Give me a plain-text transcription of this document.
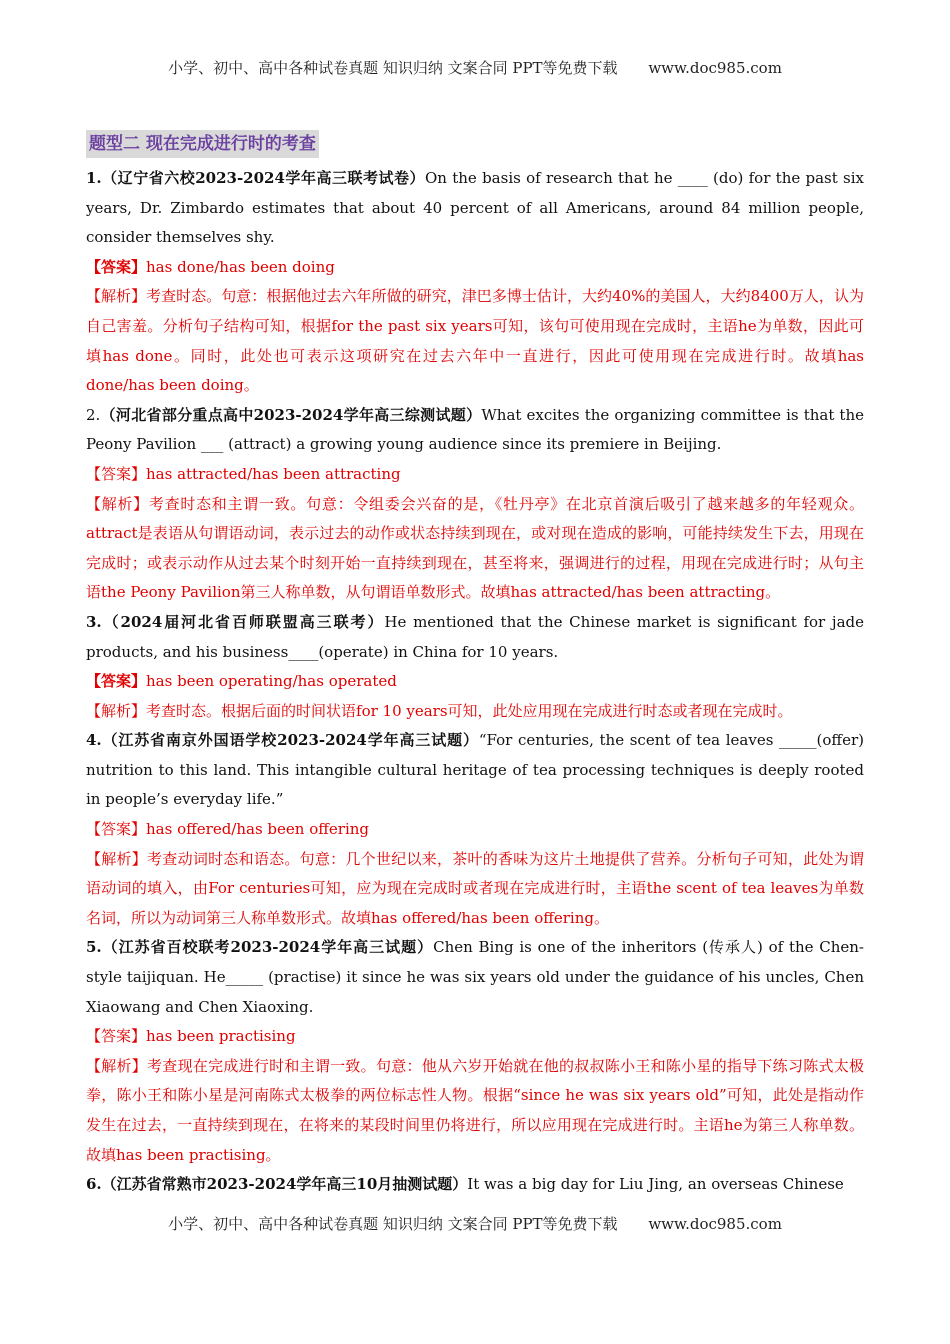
小学、初中、高中各种试卷真题 知识归纳 文案合同 PPT等免费下载 www.doc985.com
题型二 现在完成进行时的考查

1.（辽宁省六校2023-2024学年高三联考试卷）On the basis of research that he ____ (do) for the past six years, Dr. Zimbardo estimates that about 40 percent of all Americans, around 84 million people, consider themselves shy.

【答案】has done/has been doing

【解析】考查时态。句意：根据他过去六年所做的研究，津巴多博士估计，大约40%的美国人，大约8400万人，认为自己害羞。分析句子结构可知，根据for the past six years可知，该句可使用现在完成时，主语he为单数，因此可填has done。同时，此处也可表示这项研究在过去六年中一直进行，因此可使用现在完成进行时。故填has done/has been doing。

2.（河北省部分重点高中2023-2024学年高三综测试题）What excites the organizing committee is that the Peony Pavilion ___ (attract) a growing young audience since its premiere in Beijing.

【答案】has attracted/has been attracting

【解析】考查时态和主谓一致。句意：令组委会兴奋的是，《牡丹亭》在北京首演后吸引了越来越多的年轻观众。attract是表语从句谓语动词，表示过去的动作或状态持续到现在，或对现在造成的影响，可能持续发生下去，用现在完成时；或表示动作从过去某个时刻开始一直持续到现在，甚至将来，强调进行的过程，用现在完成进行时；从句主语the Peony Pavilion第三人称单数，从句谓语单数形式。故填has attracted/has been attracting。

3.（2024届河北省百师联盟高三联考）He mentioned that the Chinese market is significant for jade products, and his business____(operate) in China for 10 years.

【答案】has been operating/has operated

【解析】考查时态。根据后面的时间状语for 10 years可知，此处应用现在完成进行时态或者现在完成时。

4.（江苏省南京外国语学校2023-2024学年高三试题）“For centuries, the scent of tea leaves _____(offer) nutrition to this land. This intangible cultural heritage of tea processing techniques is deeply rooted in people’s everyday life.”

【答案】has offered/has been offering

【解析】考查动词时态和语态。句意：几个世纪以来，茶叶的香味为这片土地提供了营养。分析句子可知，此处为谓语动词的填入，由For centuries可知，应为现在完成时或者现在完成进行时，主语the scent of tea leaves为单数名词，所以为动词第三人称单数形式。故填has offered/has been offering。

5.（江苏省百校联考2023-2024学年高三试题）Chen Bing is one of the inheritors (传承人) of the Chen-style taijiquan. He_____ (practise) it since he was six years old under the guidance of his uncles, Chen Xiaowang and Chen Xiaoxing.

【答案】has been practising

【解析】考查现在完成进行时和主谓一致。句意：他从六岁开始就在他的叔叔陈小王和陈小星的指导下练习陈式太极拳，陈小王和陈小星是河南陈式太极拳的两位标志性人物。根据“since he was six years old”可知，此处是指动作发生在过去，一直持续到现在，在将来的某段时间里仍将进行，所以应用现在完成进行时。主语he为第三人称单数。故填has been practising。

6.（江苏省常熟市2023-2024学年高三10月抽测试题）It was a big day for Liu Jing, an overseas Chinese

小学、初中、高中各种试卷真题 知识归纳 文案合同 PPT等免费下载 www.doc985.com
